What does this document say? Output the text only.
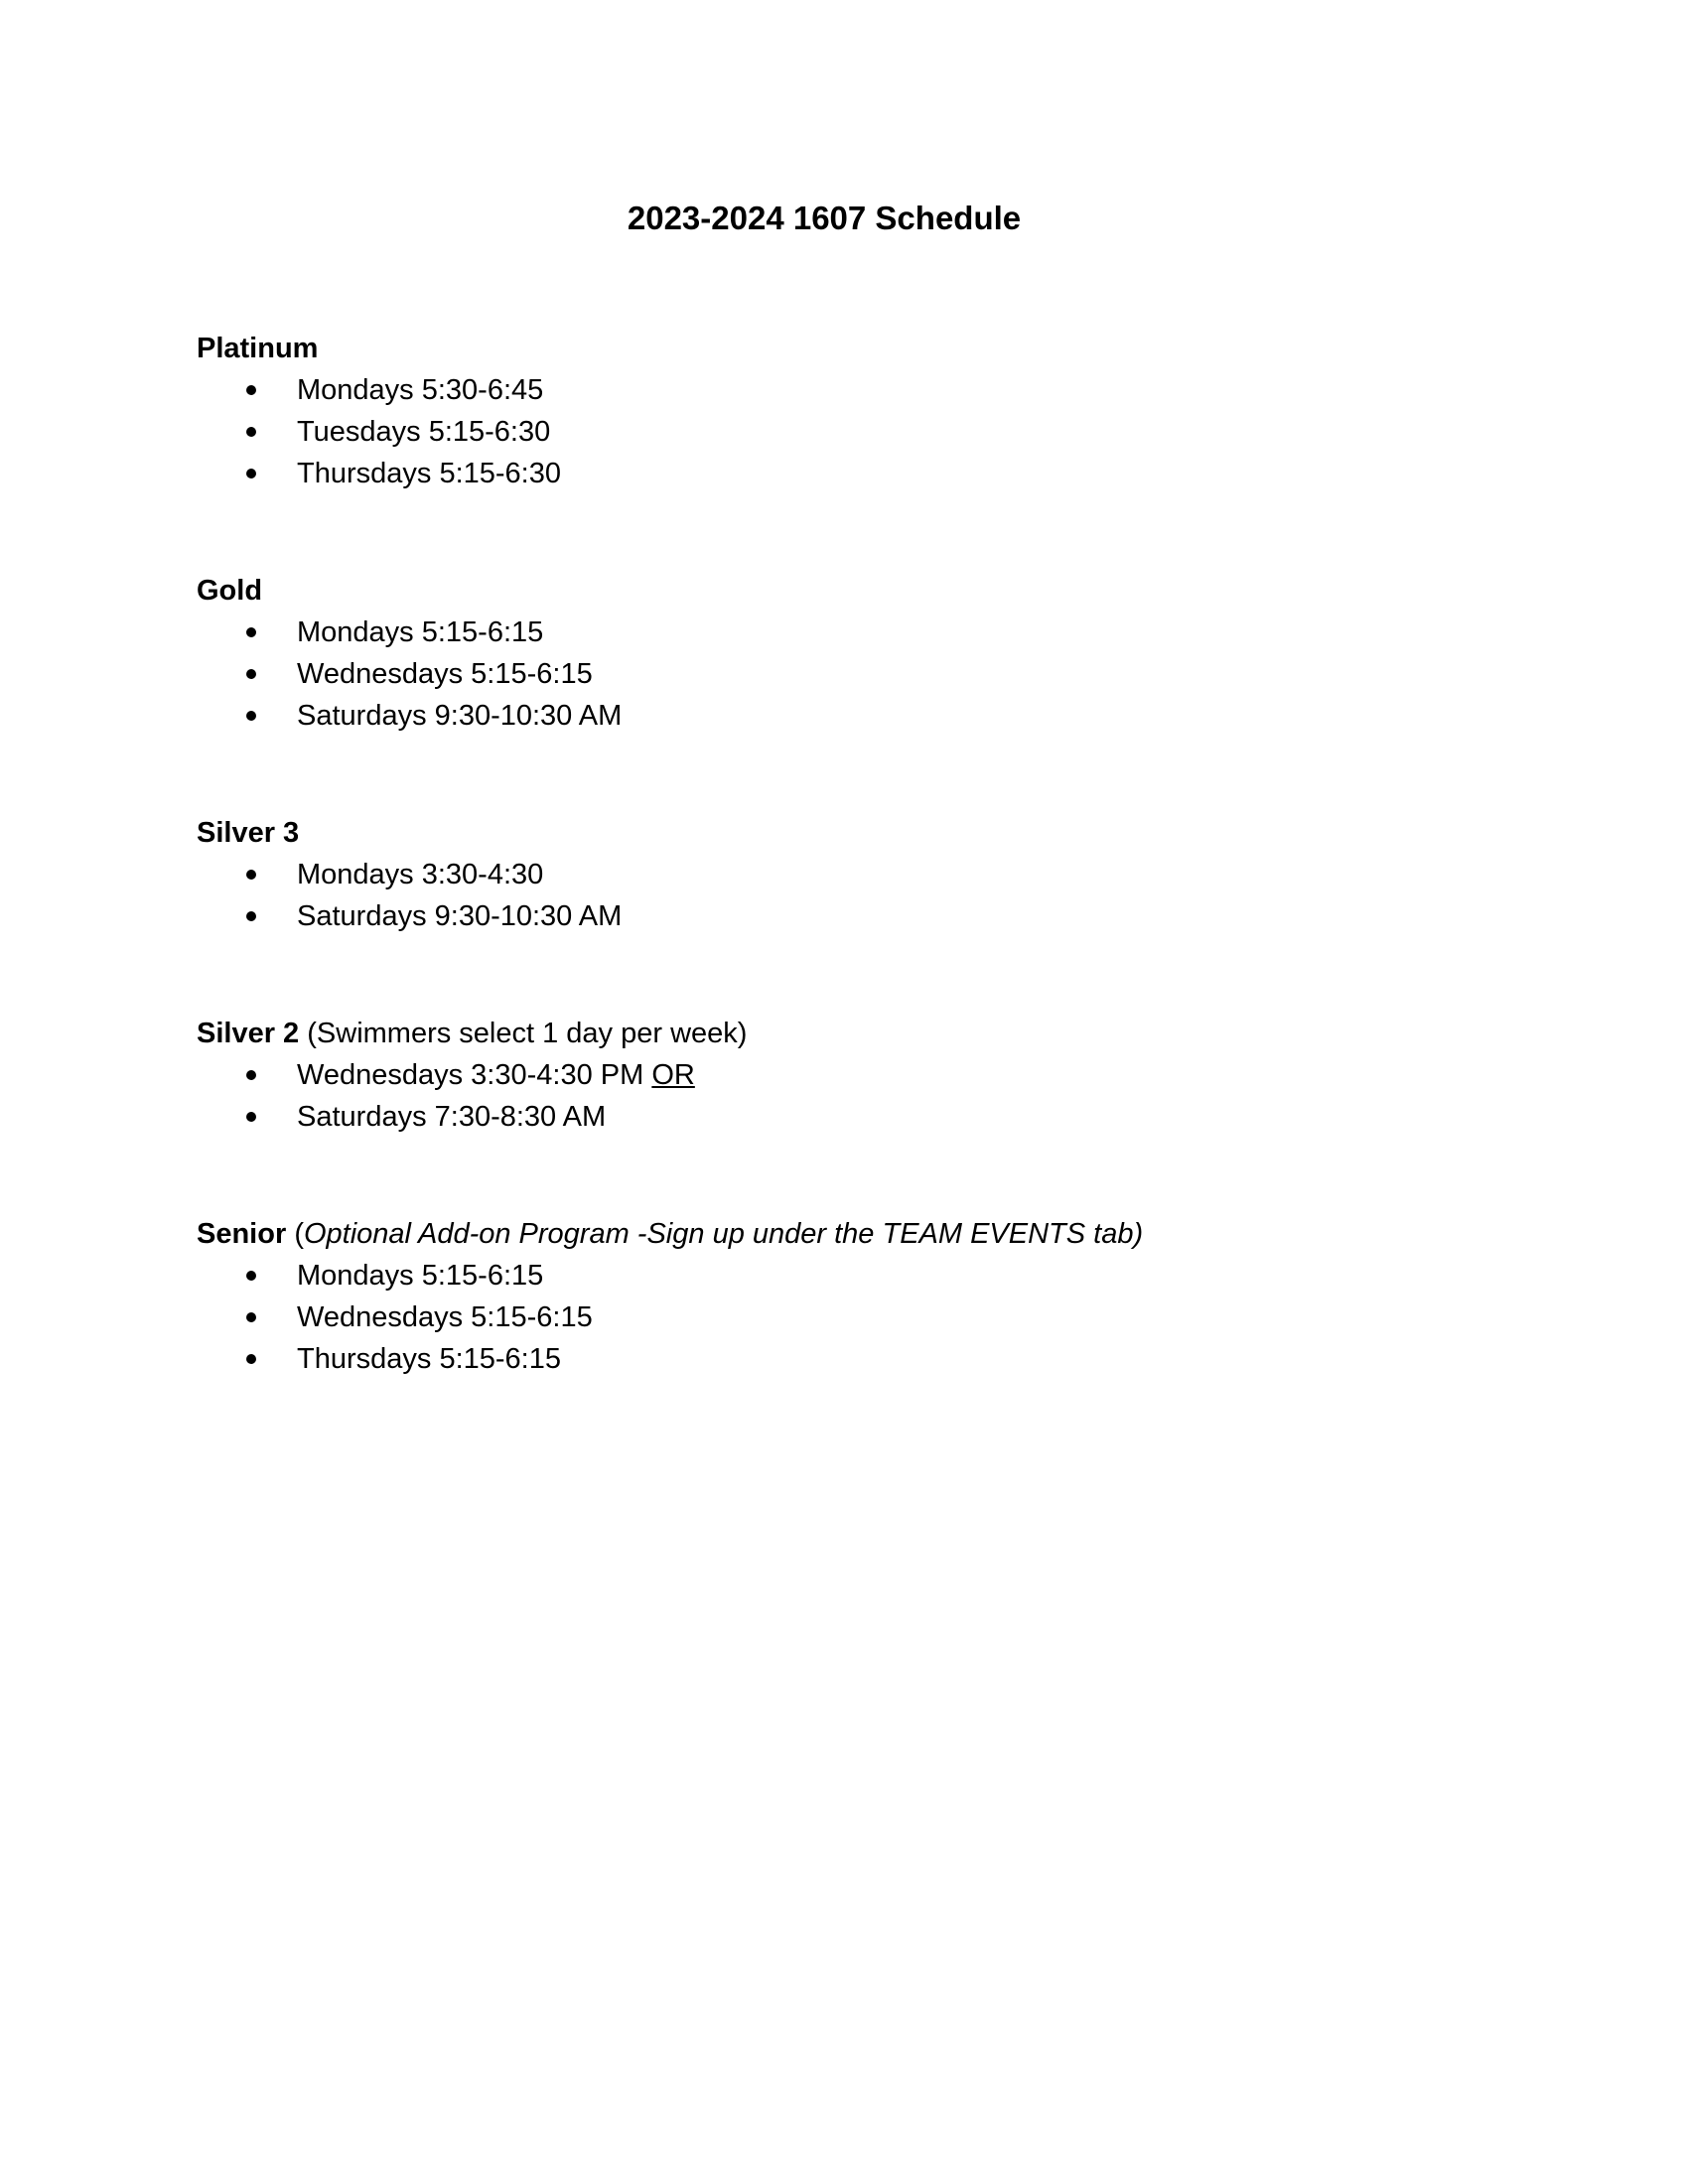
2023-2024 1607 Schedule

Platinum

Mondays 5:30-6:45
Tuesdays 5:15-6:30
Thursdays 5:15-6:30

Gold

Mondays 5:15-6:15
Wednesdays 5:15-6:15
Saturdays 9:30-10:30 AM

Silver 3

Mondays 3:30-4:30
Saturdays 9:30-10:30 AM

Silver 2 (Swimmers select 1 day per week)

Wednesdays 3:30-4:30 PM OR
Saturdays 7:30-8:30 AM

Senior (Optional Add-on Program -Sign up under the TEAM EVENTS tab)

Mondays 5:15-6:15
Wednesdays 5:15-6:15
Thursdays 5:15-6:15
